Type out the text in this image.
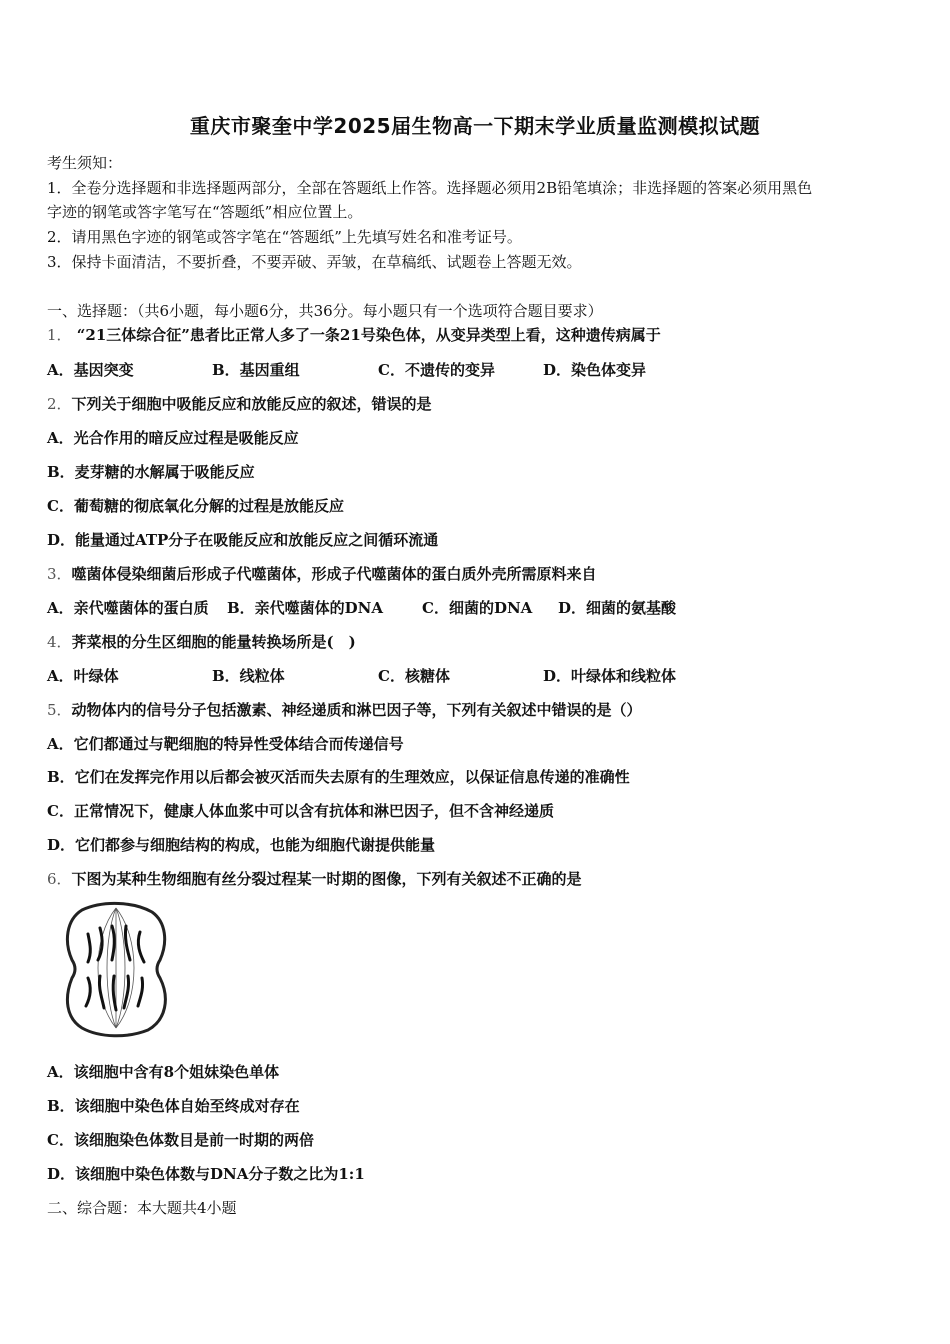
重庆市聚奎中学2025届生物高一下期末学业质量监测模拟试题
考生须知：
1．全卷分选择题和非选择题两部分，全部在答题纸上作答。选择题必须用2B铅笔填涂；非选择题的答案必须用黑色
字迹的钢笔或答字笔写在“答题纸”相应位置上。
2．请用黑色字迹的钢笔或答字笔在“答题纸”上先填写姓名和准考证号。
3．保持卡面清洁，不要折叠，不要弄破、弄皱，在草稿纸、试题卷上答题无效。
一、选择题：（共6小题，每小题6分，共36分。每小题只有一个选项符合题目要求）
1． “21三体综合征”患者比正常人多了一条21号染色体，从变异类型上看，这种遗传病属于
A．基因突变	B．基因重组	C．不遗传的变异	D．染色体变异
2．下列关于细胞中吸能反应和放能反应的叙述，错误的是
A．光合作用的暗反应过程是吸能反应
B．麦芽糖的水解属于吸能反应
C．葡萄糖的彻底氧化分解的过程是放能反应
D．能量通过ATP分子在吸能反应和放能反应之间循环流通
3．噬菌体侵染细菌后形成子代噬菌体，形成子代噬菌体的蛋白质外壳所需原料来自
A．亲代噬菌体的蛋白质 B．亲代噬菌体的DNA	C．细菌的DNA D．细菌的氨基酸
4．荠菜根的分生区细胞的能量转换场所是(　)
A．叶绿体	B．线粒体	C．核糖体	D．叶绿体和线粒体
5．动物体内的信号分子包括激素、神经递质和淋巴因子等，下列有关叙述中错误的是（）
A．它们都通过与靶细胞的特异性受体结合而传递信号
B．它们在发挥完作用以后都会被灭活而失去原有的生理效应，以保证信息传递的准确性
C．正常情况下，健康人体血浆中可以含有抗体和淋巴因子，但不含神经递质
D．它们都参与细胞结构的构成，也能为细胞代谢提供能量
6．下图为某种生物细胞有丝分裂过程某一时期的图像，下列有关叙述不正确的是
A．该细胞中含有8个姐妹染色单体
B．该细胞中染色体自始至终成对存在
C．该细胞染色体数目是前一时期的两倍
D．该细胞中染色体数与DNA分子数之比为1:1
二、综合题：本大题共4小题
